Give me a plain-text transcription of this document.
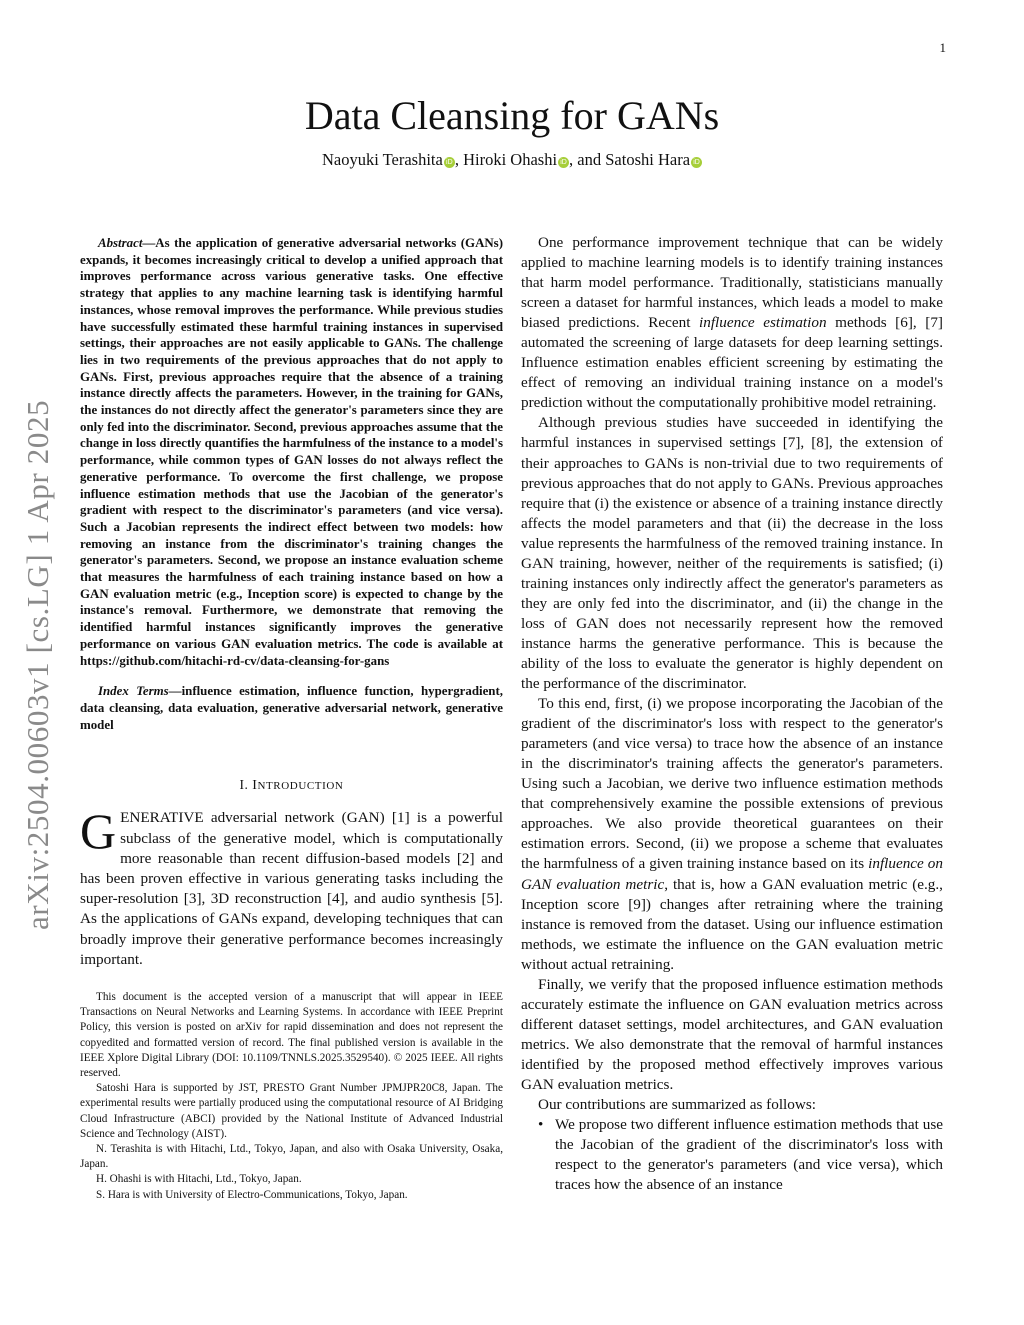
1
arXiv:2504.00603v1 [cs.LG] 1 Apr 2025
Data Cleansing for GANs
Naoyuki Terashita iD , Hiroki Ohashi iD , and Satoshi Hara iD

Abstract—As the application of generative adversarial networks (GANs) expands, it becomes increasingly critical to develop a unified approach that improves performance across various generative tasks. One effective strategy that applies to any machine learning task is identifying harmful instances, whose removal improves the performance. While previous studies have successfully estimated these harmful training instances in supervised settings, their approaches are not easily applicable to GANs. The challenge lies in two requirements of the previous approaches that do not apply to GANs. First, previous approaches require that the absence of a training instance directly affects the parameters. However, in the training for GANs, the instances do not directly affect the generator's parameters since they are only fed into the discriminator. Second, previous approaches assume that the change in loss directly quantifies the harmfulness of the instance to a model's performance, while common types of GAN losses do not always reflect the generative performance. To overcome the first challenge, we propose influence estimation methods that use the Jacobian of the generator's gradient with respect to the discriminator's parameters (and vice versa). Such a Jacobian represents the indirect effect between two models: how removing an instance from the discriminator's training changes the generator's parameters. Second, we propose an instance evaluation scheme that measures the harmfulness of each training instance based on how a GAN evaluation metric (e.g., Inception score) is expected to change by the instance's removal. Furthermore, we demonstrate that removing the identified harmful instances significantly improves the generative performance on various GAN evaluation metrics. The code is available at https://github.com/hitachi-rd-cv/data-cleansing-for-gans

Index Terms—influence estimation, influence function, hypergradient, data cleansing, data evaluation, generative adversarial network, generative model

I. INTRODUCTION

GENERATIVE adversarial network (GAN) [1] is a powerful subclass of the generative model, which is computationally more reasonable than recent diffusion-based models [2] and has been proven effective in various generating tasks including the super-resolution [3], 3D reconstruction [4], and audio synthesis [5]. As the applications of GANs expand, developing techniques that can broadly improve their generative performance becomes increasingly important.

This document is the accepted version of a manuscript that will appear in IEEE Transactions on Neural Networks and Learning Systems. In accordance with IEEE Preprint Policy, this version is posted on arXiv for rapid dissemination and does not represent the copyedited and formatted version of record. The final published version is available in the IEEE Xplore Digital Library (DOI: 10.1109/TNNLS.2025.3529540). © 2025 IEEE. All rights reserved.

Satoshi Hara is supported by JST, PRESTO Grant Number JPMJPR20C8, Japan. The experimental results were partially produced using the computational resource of AI Bridging Cloud Infrastructure (ABCI) provided by the National Institute of Advanced Industrial Science and Technology (AIST).

N. Terashita is with Hitachi, Ltd., Tokyo, Japan, and also with Osaka University, Osaka, Japan.

H. Ohashi is with Hitachi, Ltd., Tokyo, Japan.

S. Hara is with University of Electro-Communications, Tokyo, Japan.

One performance improvement technique that can be widely applied to machine learning models is to identify training instances that harm model performance. Traditionally, statisticians manually screen a dataset for harmful instances, which leads a model to make biased predictions. Recent influence estimation methods [6], [7] automated the screening of large datasets for deep learning settings. Influence estimation enables efficient screening by estimating the effect of removing an individual training instance on a model's prediction without the computationally prohibitive model retraining.

Although previous studies have succeeded in identifying the harmful instances in supervised settings [7], [8], the extension of their approaches to GANs is non-trivial due to two requirements of previous approaches that do not apply to GANs. Previous approaches require that (i) the existence or absence of a training instance directly affects the model parameters and that (ii) the decrease in the loss value represents the harmfulness of the removed training instance. In GAN training, however, neither of the requirements is satisfied; (i) training instances only indirectly affect the generator's parameters as they are only fed into the discriminator, and (ii) the change in the loss of GAN does not necessarily represent how the removed instance harms the generative performance. This is because the ability of the loss to evaluate the generator is highly dependent on the performance of the discriminator.

To this end, first, (i) we propose incorporating the Jacobian of the gradient of the discriminator's loss with respect to the generator's parameters (and vice versa) to trace how the absence of an instance in the discriminator's training affects the generator's parameters. Using such a Jacobian, we derive two influence estimation methods that comprehensively examine the possible extensions of previous approaches. We also provide theoretical guarantees on their estimation errors. Second, (ii) we propose a scheme that evaluates the harmfulness of a given training instance based on its influence on GAN evaluation metric, that is, how a GAN evaluation metric (e.g., Inception score [9]) changes after retraining where the training instance is removed from the dataset. Using our influence estimation methods, we estimate the influence on the GAN evaluation metric without actual retraining.

Finally, we verify that the proposed influence estimation methods accurately estimate the influence on GAN evaluation metrics across different dataset settings, model architectures, and GAN evaluation metrics. We also demonstrate that the removal of harmful instances identified by the proposed method effectively improves various GAN evaluation metrics.

Our contributions are summarized as follows:

• We propose two different influence estimation methods that use the Jacobian of the gradient of the discriminator's loss with respect to the generator's parameters (and vice versa), which traces how the absence of an instance
